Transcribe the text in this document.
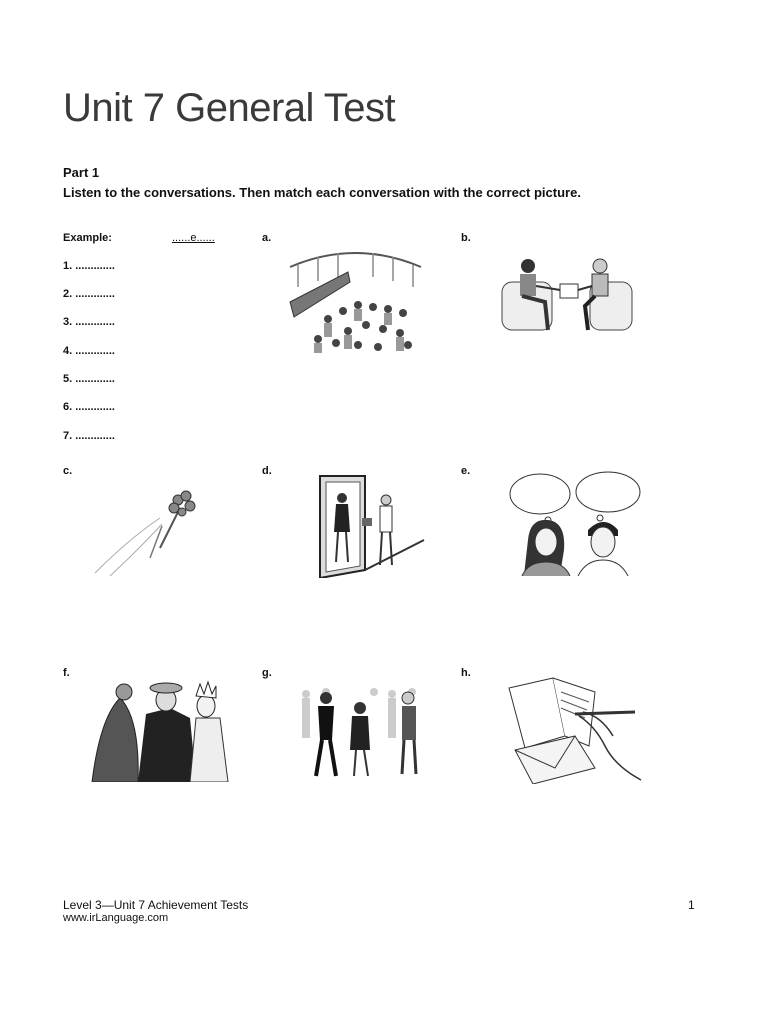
Unit 7 General Test
Part 1
Listen to the conversations. Then match each conversation with the correct picture.
Example:	......e......
1. .............
2. .............
3. .............
4. .............
5. .............
6. .............
7. .............
a.	b.
c.	d.	e.
f.	g.	h.
Level 3—Unit 7 Achievement Tests
www.irLanguage.com
1
